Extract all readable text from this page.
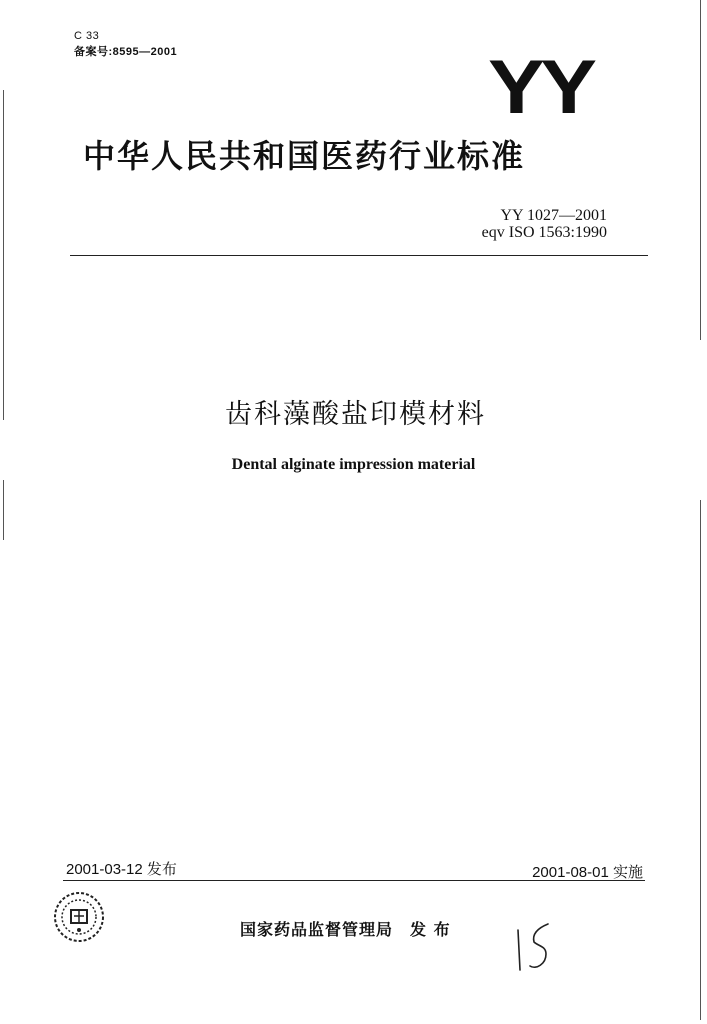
C 33
备案号:8595—2001	YY
中华人民共和国医药行业标准
YY 1027—2001
eqv ISO 1563:1990
齿科藻酸盐印模材料
Dental alginate impression material
2001-03-12 发布	2001-08-01 实施
国家药品监督管理局　发 布
